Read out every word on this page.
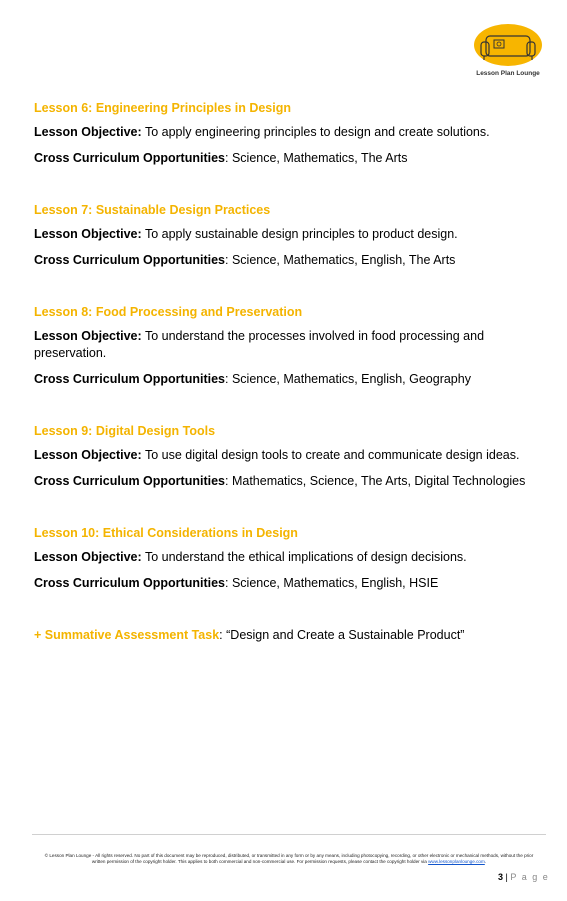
Lesson Plan Lounge
Lesson 6: Engineering Principles in Design
Lesson Objective: To apply engineering principles to design and create solutions.
Cross Curriculum Opportunities: Science, Mathematics, The Arts
Lesson 7: Sustainable Design Practices
Lesson Objective: To apply sustainable design principles to product design.
Cross Curriculum Opportunities: Science, Mathematics, English, The Arts
Lesson 8: Food Processing and Preservation
Lesson Objective: To understand the processes involved in food processing and preservation.
Cross Curriculum Opportunities: Science, Mathematics, English, Geography
Lesson 9: Digital Design Tools
Lesson Objective: To use digital design tools to create and communicate design ideas.
Cross Curriculum Opportunities: Mathematics, Science, The Arts, Digital Technologies
Lesson 10: Ethical Considerations in Design
Lesson Objective: To understand the ethical implications of design decisions.
Cross Curriculum Opportunities: Science, Mathematics, English, HSIE
+ Summative Assessment Task: “Design and Create a Sustainable Product”
© Lesson Plan Lounge - All rights reserved. No part of this document may be reproduced, distributed, or transmitted in any form or by any means, including photocopying, recording, or other electronic or mechanical methods, without the prior written permission of the copyright holder. This applies to both commercial and non-commercial use. For permission requests, please contact the copyright holder via www.lessonplanlounge.com.
3 | P a g e
